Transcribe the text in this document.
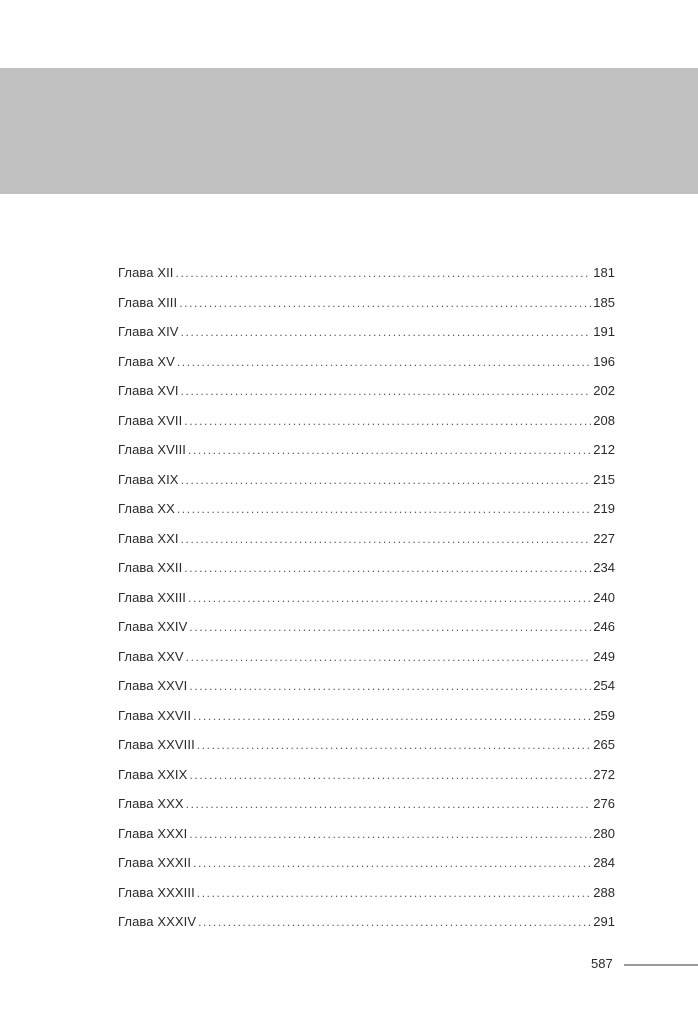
Глава XII .....	181
Глава XIII .....	185
Глава XIV .....	191
Глава XV .....	196
Глава XVI .....	202
Глава XVII .....	208
Глава XVIII .....	212
Глава XIX .....	215
Глава XX .....	219
Глава XXI .....	227
Глава XXII .....	234
Глава XXIII .....	240
Глава XXIV .....	246
Глава XXV .....	249
Глава XXVI .....	254
Глава XXVII .....	259
Глава XXVIII .....	265
Глава XXIX .....	272
Глава XXX .....	276
Глава XXXI .....	280
Глава XXXII .....	284
Глава XXXIII .....	288
Глава XXXIV .....	291
587
